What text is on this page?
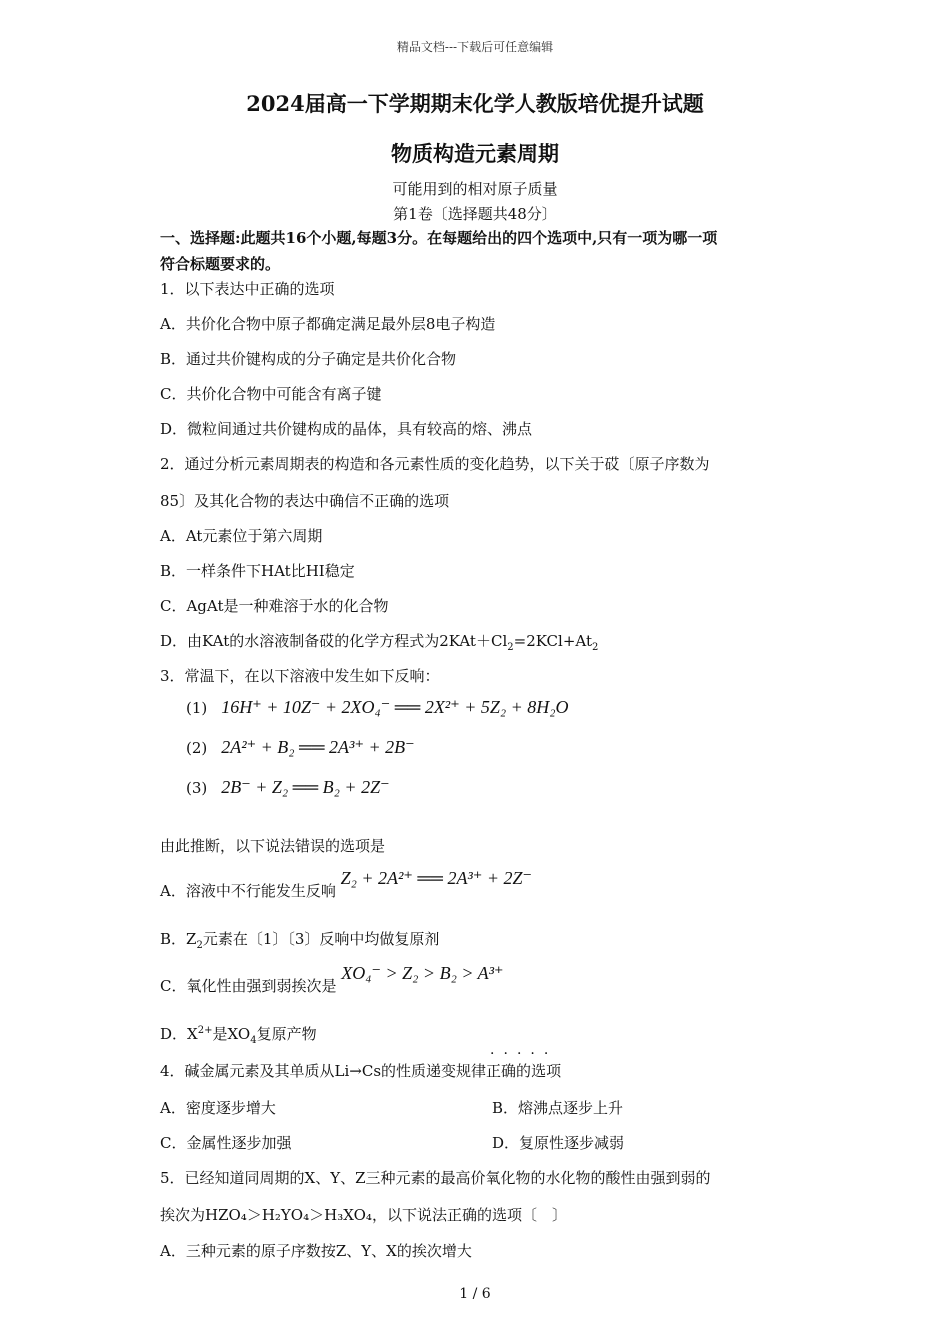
精品文档---下载后可任意编辑
2024届高一下学期期末化学人教版培优提升试题
物质构造元素周期
可能用到的相对原子质量
第1卷〔选择题共48分〕
一、选择题:此题共16个小题,每题3分。在每题给出的四个选项中,只有一项为哪一项
符合标题要求的。
1．以下表达中正确的选项
A．共价化合物中原子都确定满足最外层8电子构造
B．通过共价键构成的分子确定是共价化合物
C．共价化合物中可能含有离子键
D．微粒间通过共价键构成的晶体，具有较高的熔、沸点
2．通过分析元素周期表的构造和各元素性质的变化趋势，以下关于砹〔原子序数为
85〕及其化合物的表达中确信不正确的选项
A．At元素位于第六周期
B．一样条件下HAt比HI稳定
C．AgAt是一种难溶于水的化合物
D．由KAt的水溶液制备砹的化学方程式为$2KAt+Cl_2=2KCl+At_2$
3．常温下，在以下溶液中发生如下反响：
(1) 16H⁺ + 10Z⁻ + 2XO₄⁻ ══ 2X²⁺ + 5Z₂ + 8H₂O
(2) 2A²⁺ + B₂ ══ 2A³⁺ + 2B⁻
(3) 2B⁻ + Z₂ ══ B₂ + 2Z⁻
由此推断，以下说法错误的选项是
A．溶液中不行能发生反响 Z₂ + 2A²⁺ ══ 2A³⁺ + 2Z⁻
B．$Z_2$元素在〔1〕〔3〕反响中均做复原剂
C．氧化性由强到弱挨次是 XO₄⁻ > Z₂ > B₂ > A³⁺
D．$X^{2+}$是$XO_4$复原产物
4．碱金属元素及其单质从Li→Cs的性质递变规律
·····
正确的选项
A．密度逐步增大	B．熔沸点逐步上升
C．金属性逐步加强	D．复原性逐步减弱
5．已经知道同周期的X、Y、Z三种元素的最高价氧化物的水化物的酸性由强到弱的
挨次为HZO₄＞H₂YO₄＞H₃XO₄，以下说法正确的选项〔　〕
A．三种元素的原子序数按Z、Y、X的挨次增大
1 / 6
